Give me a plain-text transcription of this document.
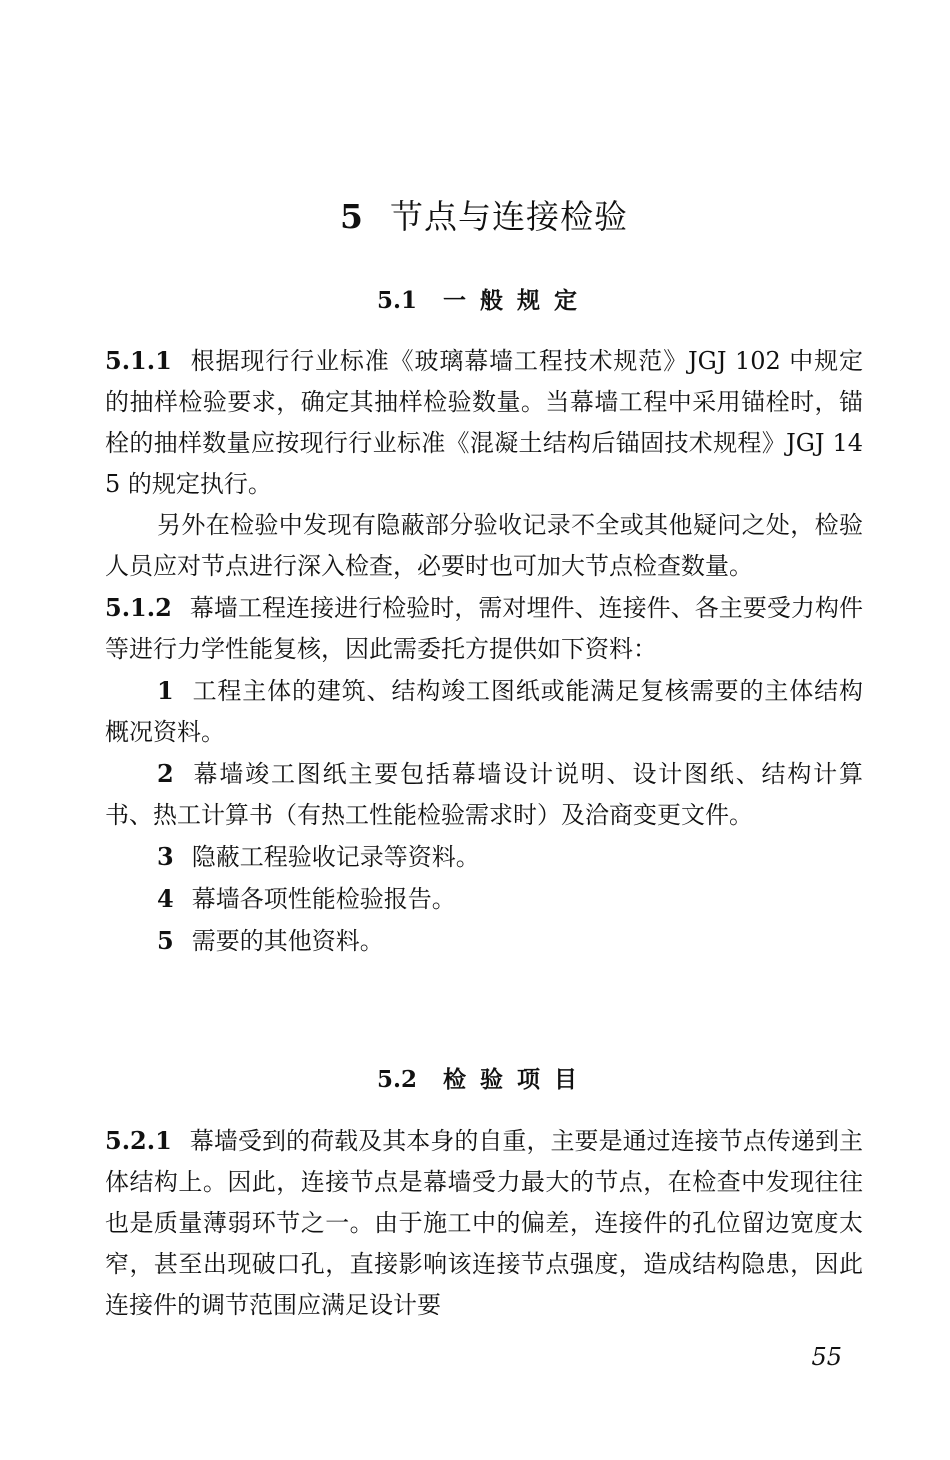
5 节点与连接检验
5.1 一般规定

5.1.1 根据现行行业标准《玻璃幕墙工程技术规范》JGJ 102 中规定的抽样检验要求，确定其抽样检验数量。当幕墙工程中采用锚栓时，锚栓的抽样数量应按现行行业标准《混凝土结构后锚固技术规程》JGJ 145 的规定执行。

另外在检验中发现有隐蔽部分验收记录不全或其他疑问之处，检验人员应对节点进行深入检查，必要时也可加大节点检查数量。

5.1.2 幕墙工程连接进行检验时，需对埋件、连接件、各主要受力构件等进行力学性能复核，因此需委托方提供如下资料：

1 工程主体的建筑、结构竣工图纸或能满足复核需要的主体结构概况资料。

2 幕墙竣工图纸主要包括幕墙设计说明、设计图纸、结构计算书、热工计算书（有热工性能检验需求时）及洽商变更文件。

3 隐蔽工程验收记录等资料。

4 幕墙各项性能检验报告。

5 需要的其他资料。

5.2 检验项目

5.2.1 幕墙受到的荷载及其本身的自重，主要是通过连接节点传递到主体结构上。因此，连接节点是幕墙受力最大的节点，在检查中发现往往也是质量薄弱环节之一。由于施工中的偏差，连接件的孔位留边宽度太窄，甚至出现破口孔，直接影响该连接节点强度，造成结构隐患，因此连接件的调节范围应满足设计要

55
